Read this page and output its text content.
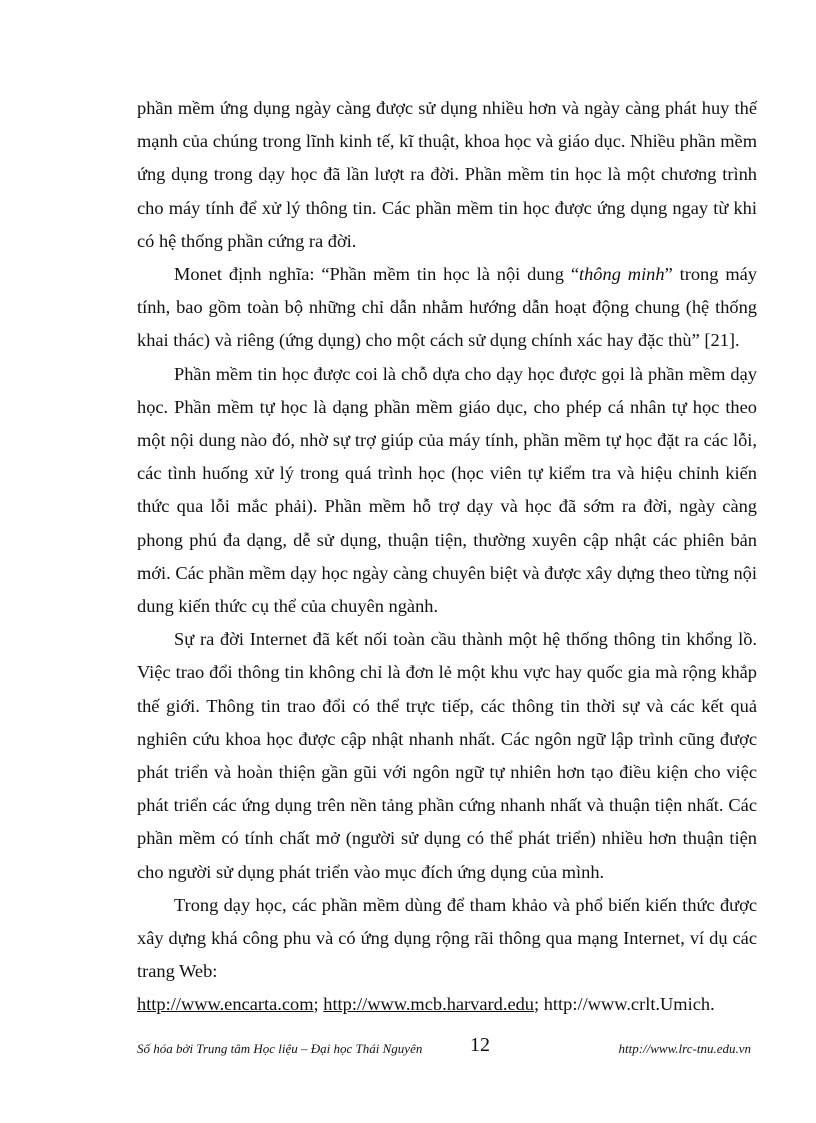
phần mềm ứng dụng ngày càng được sử dụng nhiều hơn và ngày càng phát huy thế mạnh của chúng trong lĩnh kinh tế, kĩ thuật, khoa học và giáo dục. Nhiều phần mềm ứng dụng trong dạy học đã lần lượt ra đời. Phần mềm tin học là một chương trình cho máy tính để xử lý thông tin. Các phần mềm tin học được ứng dụng ngay từ khi có hệ thống phần cứng ra đời.

Monet định nghĩa: “Phần mềm tin học là nội dung “thông minh” trong máy tính, bao gồm toàn bộ những chỉ dẫn nhằm hướng dẫn hoạt động chung (hệ thống khai thác) và riêng (ứng dụng) cho một cách sử dụng chính xác hay đặc thù” [21].

Phần mềm tin học được coi là chỗ dựa cho dạy học được gọi là phần mềm dạy học. Phần mềm tự học là dạng phần mềm giáo dục, cho phép cá nhân tự học theo một nội dung nào đó, nhờ sự trợ giúp của máy tính, phần mềm tự học đặt ra các lỗi, các tình huống xử lý trong quá trình học (học viên tự kiểm tra và hiệu chỉnh kiến thức qua lỗi mắc phải). Phần mềm hỗ trợ dạy và học đã sớm ra đời, ngày càng phong phú đa dạng, dễ sử dụng, thuận tiện, thường xuyên cập nhật các phiên bản mới. Các phần mềm dạy học ngày càng chuyên biệt và được xây dựng theo từng nội dung kiến thức cụ thể của chuyên ngành.

Sự ra đời Internet đã kết nối toàn cầu thành một hệ thống thông tin khổng lồ. Việc trao đổi thông tin không chỉ là đơn lẻ một khu vực hay quốc gia mà rộng khắp thế giới. Thông tin trao đổi có thể trực tiếp, các thông tin thời sự và các kết quả nghiên cứu khoa học được cập nhật nhanh nhất. Các ngôn ngữ lập trình cũng được phát triển và hoàn thiện gần gũi với ngôn ngữ tự nhiên hơn tạo điều kiện cho việc phát triển các ứng dụng trên nền tảng phần cứng nhanh nhất và thuận tiện nhất. Các phần mềm có tính chất mở (người sử dụng có thể phát triển) nhiều hơn thuận tiện cho người sử dụng phát triển vào mục đích ứng dụng của mình.

Trong dạy học, các phần mềm dùng để tham khảo và phổ biến kiến thức được xây dựng khá công phu và có ứng dụng rộng rãi thông qua mạng Internet, ví dụ các trang Web:

http://www.encarta.com; http://www.mcb.harvard.edu; http://www.crlt.Umich.

Số hóa bởi Trung tâm Học liệu – Đại học Thái Nguyên 12	http://www.lrc-tnu.edu.vn
